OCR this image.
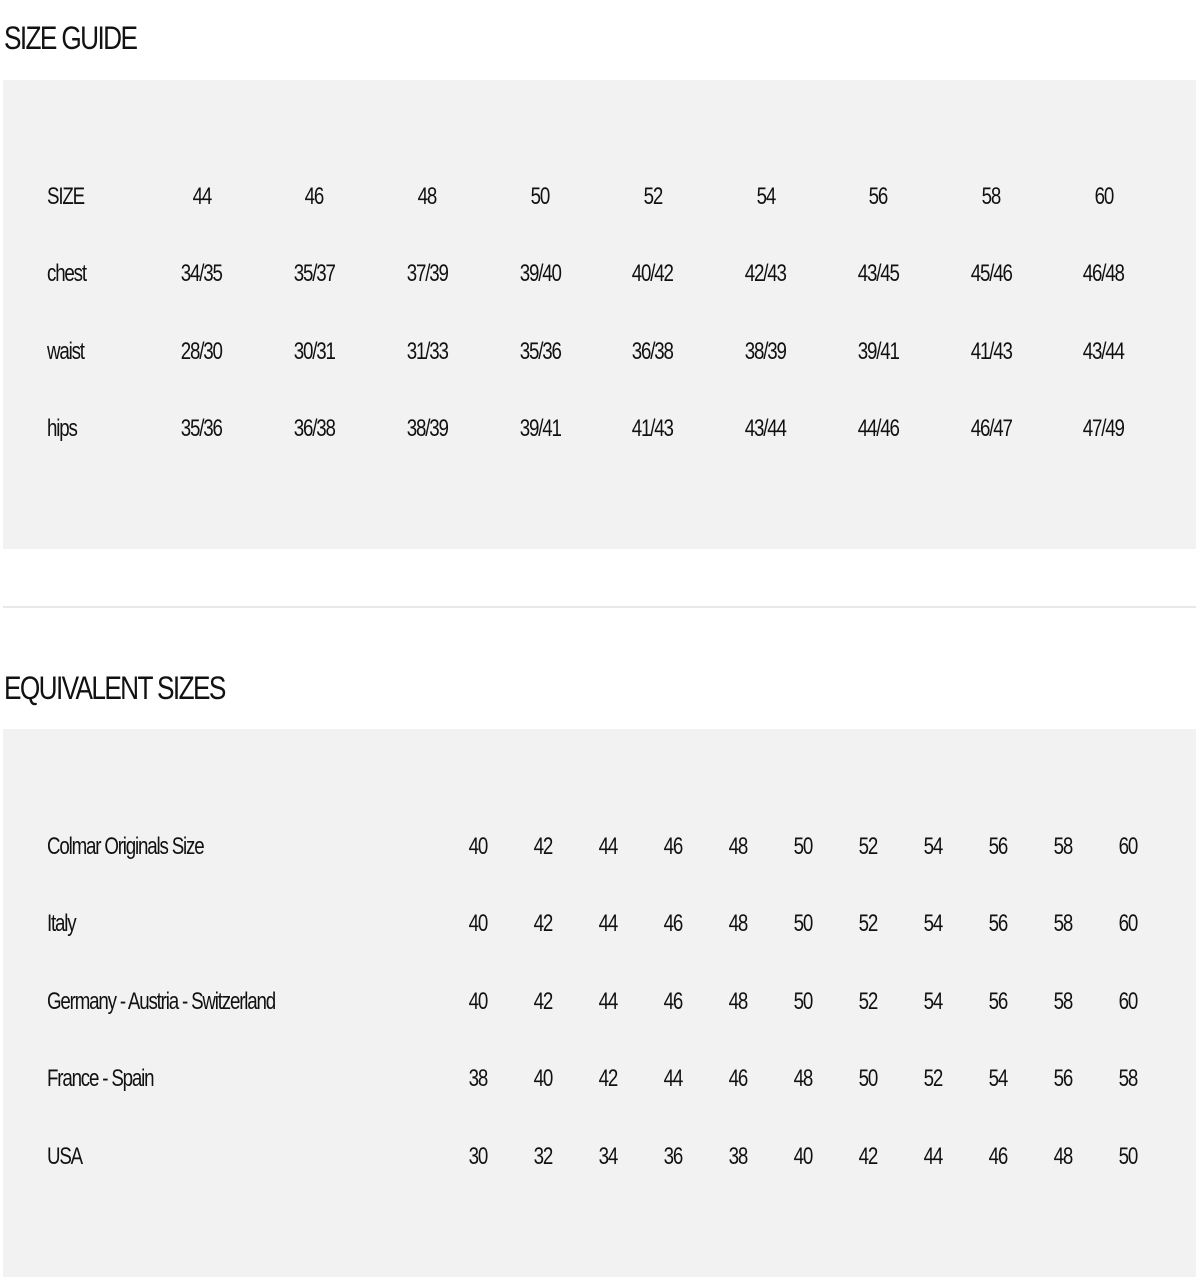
SIZE GUIDE
SIZE	44	46	48	50	52	54	56	58	60
chest	34/35	35/37	37/39	39/40	40/42	42/43	43/45	45/46	46/48
waist	28/30	30/31	31/33	35/36	36/38	38/39	39/41	41/43	43/44
hips	35/36	36/38	38/39	39/41	41/43	43/44	44/46	46/47	47/49
EQUIVALENT SIZES
Colmar Originals Size	40	42	44	46	48	50	52	54	56	58	60
Italy	40	42	44	46	48	50	52	54	56	58	60
Germany - Austria - Switzerland	40	42	44	46	48	50	52	54	56	58	60
France - Spain	38	40	42	44	46	48	50	52	54	56	58
USA	30	32	34	36	38	40	42	44	46	48	50
